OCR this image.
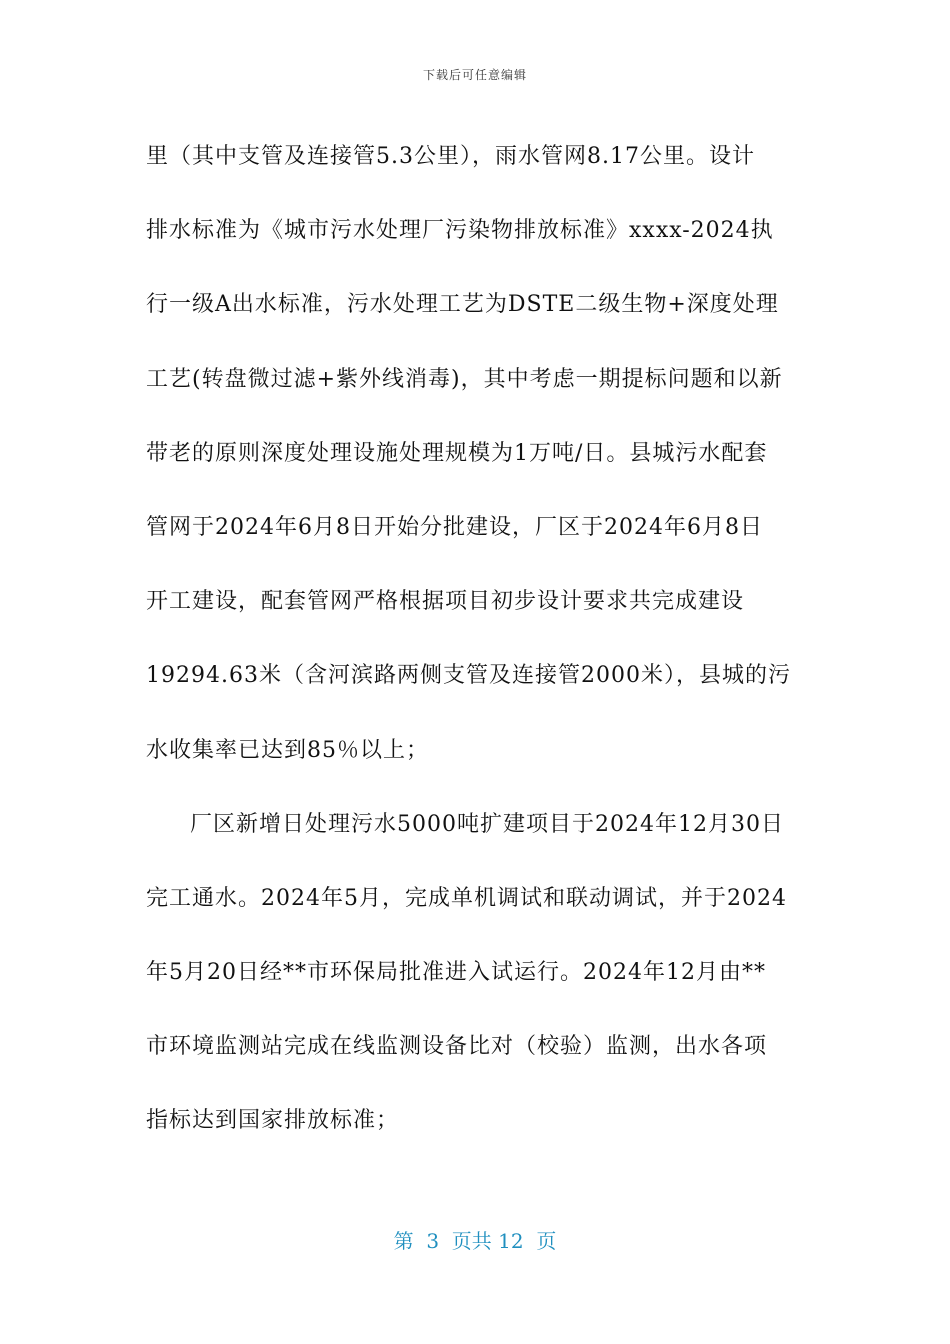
下载后可任意编辑
里（其中支管及连接管5.3公里），雨水管网8.17公里。设计
排水标准为《城市污水处理厂污染物排放标准》xxxx-2024执
行一级A出水标准，污水处理工艺为DSTE二级生物+深度处理
工艺(转盘微过滤+紫外线消毒)，其中考虑一期提标问题和以新
带老的原则深度处理设施处理规模为1万吨/日。县城污水配套
管网于2024年6月8日开始分批建设，厂区于2024年6月8日
开工建设，配套管网严格根据项目初步设计要求共完成建设
19294.63米（含河滨路两侧支管及连接管2000米），县城的污
水收集率已达到85％以上；
厂区新增日处理污水5000吨扩建项目于2024年12月30日
完工通水。2024年5月，完成单机调试和联动调试，并于2024
年5月20日经**市环保局批准进入试运行。2024年12月由**
市环境监测站完成在线监测设备比对（校验）监测，出水各项
指标达到国家排放标准；
第  3  页共 12  页
